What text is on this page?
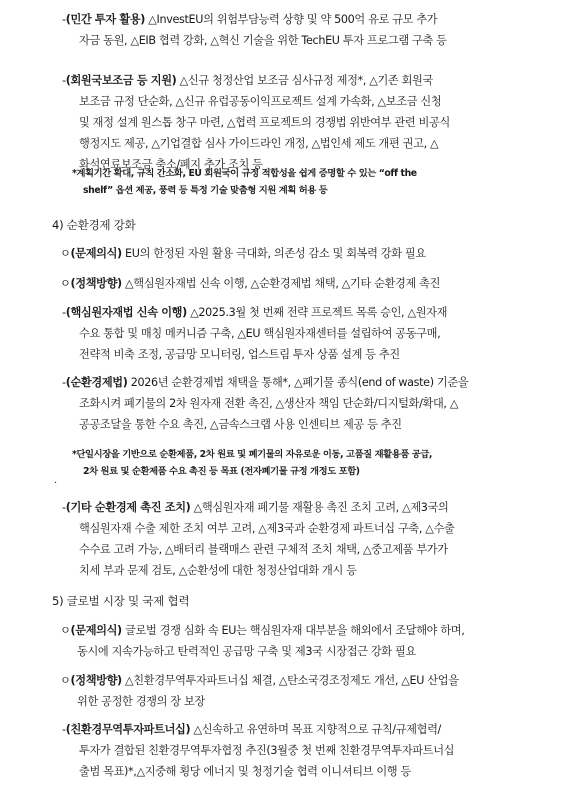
-(민간 투자 활용) △InvestEU의 위험부담능력 상향 및 약 500억 유로 규모 추가
자금 동원, △EIB 협력 강화, △혁신 기술을 위한 TechEU 투자 프로그램 구축 등
-(회원국보조금 등 지원) △신규 청정산업 보조금 심사규정 제정*, △기존 회원국
보조금 규정 단순화, △신규 유럽공동이익프로젝트 설계 가속화, △보조금 신청
및 재정 설계 원스톱 창구 마련, △협력 프로젝트의 경쟁법 위반여부 관련 비공식
행정지도 제공, △기업결합 심사 가이드라인 개정, △법인세 제도 개편 권고, △
화석연료보조금 축소/폐지 추가 조치 등
*계획기간 확대, 규칙 간소화, EU 회원국이 규정 적합성을 쉽게 증명할 수 있는 “off the
shelf” 옵션 제공, 풍력 등 특정 기술 맞춤형 지원 계획 허용 등
4) 순환경제 강화
ㅇ(문제의식) EU의 한정된 자원 활용 극대화, 의존성 감소 및 회복력 강화 필요
ㅇ(정책방향) △핵심원자재법 신속 이행, △순환경제법 채택, △기타 순환경제 촉진
-(핵심원자재법 신속 이행) △2025.3월 첫 번째 전략 프로젝트 목록 승인, △원자재
수요 통합 및 매칭 메커니즘 구축, △EU 핵심원자재센터를 설립하여 공동구매,
전략적 비축 조정, 공급망 모니터링, 업스트림 투자 상품 설계 등 추진
-(순환경제법) 2026년 순환경제법 채택을 통해*, △폐기물 종식(end of waste) 기준을
조화시켜 폐기물의 2차 원자재 전환 촉진, △생산자 책임 단순화/디지털화/확대, △
공공조달을 통한 수요 촉진, △금속스크랩 사용 인센티브 제공 등 추진
*단일시장을 기반으로 순환제품, 2차 원료 및 폐기물의 자유로운 이동, 고품질 재활용품 공급,
2차 원료 및 순환제품 수요 촉진 등 목표 (전자폐기물 규정 개정도 포함)
·
-(기타 순환경제 촉진 조치) △핵심원자재 폐기물 재활용 촉진 조치 고려, △제3국의
핵심원자재 수출 제한 조치 여부 고려, △제3국과 순환경제 파트너십 구축, △수출
수수료 고려 가능, △배터리 블랙매스 관련 구체적 조치 채택, △중고제품 부가가
치세 부과 문제 검토, △순환성에 대한 청정산업대화 개시 등
5) 글로벌 시장 및 국제 협력
ㅇ(문제의식) 글로벌 경쟁 심화 속 EU는 핵심원자재 대부분을 해외에서 조달해야 하며,
동시에 지속가능하고 탄력적인 공급망 구축 및 제3국 시장접근 강화 필요
ㅇ(정책방향) △친환경무역투자파트너십 체결, △탄소국경조정제도 개선, △EU 산업을
위한 공정한 경쟁의 장 보장
-(친환경무역투자파트너십) △신속하고 유연하며 목표 지향적으로 규칙/규제협력/
투자가 결합된 친환경무역투자협정 추진(3월중 첫 번째 친환경무역투자파트너십
출범 목표)*,△지중해 횡당 에너지 및 청정기술 협력 이니셔티브 이행 등
